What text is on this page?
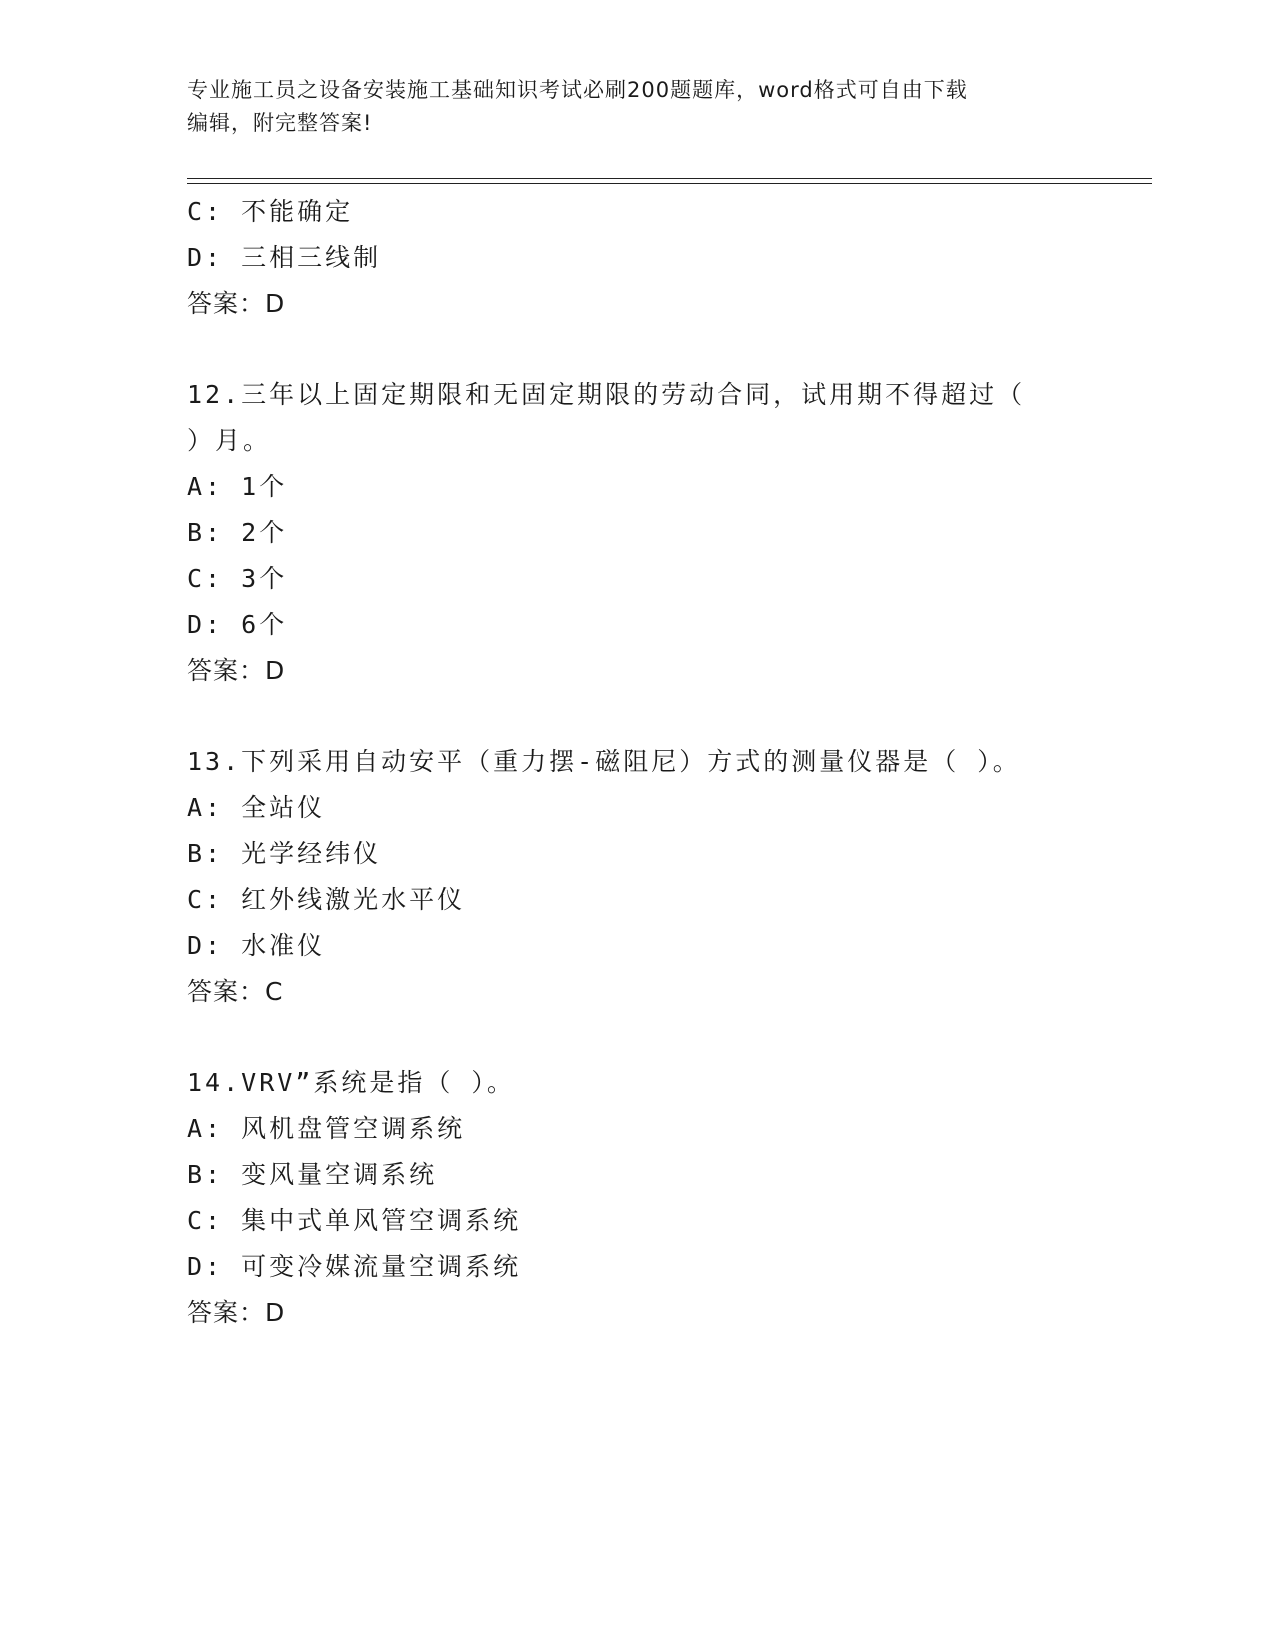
专业施工员之设备安装施工基础知识考试必刷200题题库，word格式可自由下载
编辑，附完整答案!
C: 不能确定
D: 三相三线制
答案：D
12.三年以上固定期限和无固定期限的劳动合同，试用期不得超过（
）月。
A: 1个
B: 2个
C: 3个
D: 6个
答案：D
13.下列采用自动安平（重力摆-磁阻尼）方式的测量仪器是（ ）。
A: 全站仪
B: 光学经纬仪
C: 红外线激光水平仪
D: 水准仪
答案：C
14.VRV”系统是指（ ）。
A: 风机盘管空调系统
B: 变风量空调系统
C: 集中式单风管空调系统
D: 可变冷媒流量空调系统
答案：D
